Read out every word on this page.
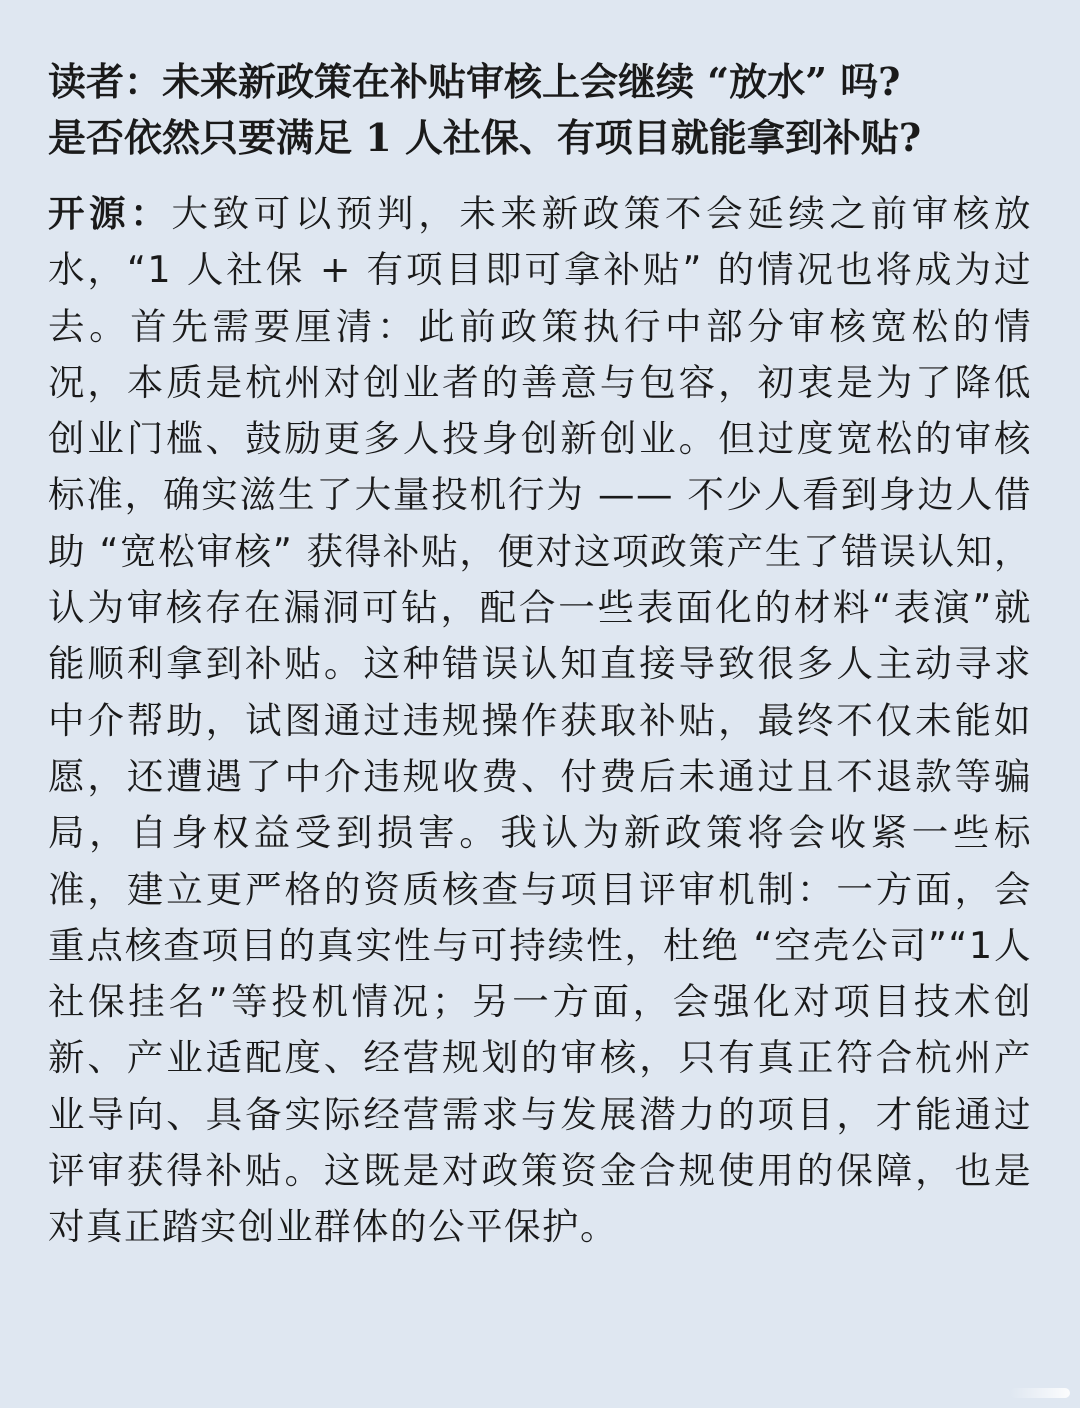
读者：未来新政策在补贴审核上会继续 “放水” 吗?
是否依然只要满足 1 人社保、有项目就能拿到补贴?

开源：大致可以预判，未来新政策不会延续之前审核放水，“1 人社保 + 有项目即可拿补贴” 的情况也将成为过去。首先需要厘清：此前政策执行中部分审核宽松的情况，本质是杭州对创业者的善意与包容，初衷是为了降低创业门槛、鼓励更多人投身创新创业。但过度宽松的审核标准，确实滋生了大量投机行为 —— 不少人看到身边人借助 “宽松审核” 获得补贴，便对这项政策产生了错误认知，认为审核存在漏洞可钻，配合一些表面化的材料“表演”就能顺利拿到补贴。这种错误认知直接导致很多人主动寻求中介帮助，试图通过违规操作获取补贴，最终不仅未能如愿，还遭遇了中介违规收费、付费后未通过且不退款等骗局，自身权益受到损害。我认为新政策将会收紧一些标准，建立更严格的资质核查与项目评审机制：一方面，会重点核查项目的真实性与可持续性，杜绝 “空壳公司”“1人社保挂名”等投机情况；另一方面，会强化对项目技术创新、产业适配度、经营规划的审核，只有真正符合杭州产业导向、具备实际经营需求与发展潜力的项目，才能通过评审获得补贴。这既是对政策资金合规使用的保障，也是对真正踏实创业群体的公平保护。
